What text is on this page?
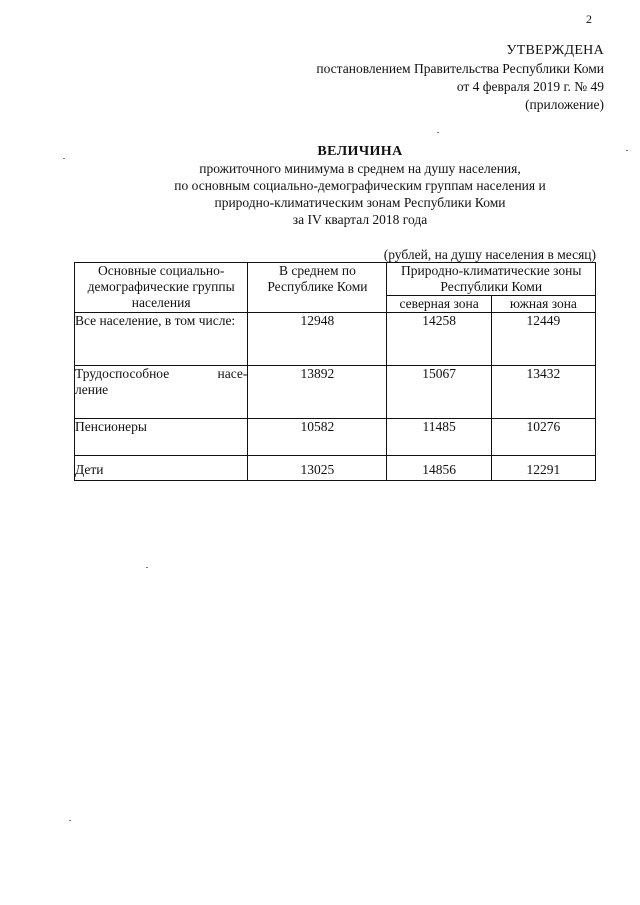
2
УТВЕРЖДЕНА
постановлением Правительства Республики Коми
от 4 февраля 2019 г. № 49
(приложение)
ВЕЛИЧИНА
прожиточного минимума в среднем на душу населения,
по основным социально-демографическим группам населения и
природно-климатическим зонам Республики Коми
за IV квартал 2018 года
(рублей, на душу населения в месяц)
Основные социально-демографические группы населения	В среднем по Республике Коми	Природно-климатические зоны Республики Коми	
		северная зона	южная зона
Все население, в том числе:	12948	14258	12449

Трудоспособное насе-
ление	13892	15067	13432
Пенсионеры	10582	11485	10276
Дети	13025	14856	12291
